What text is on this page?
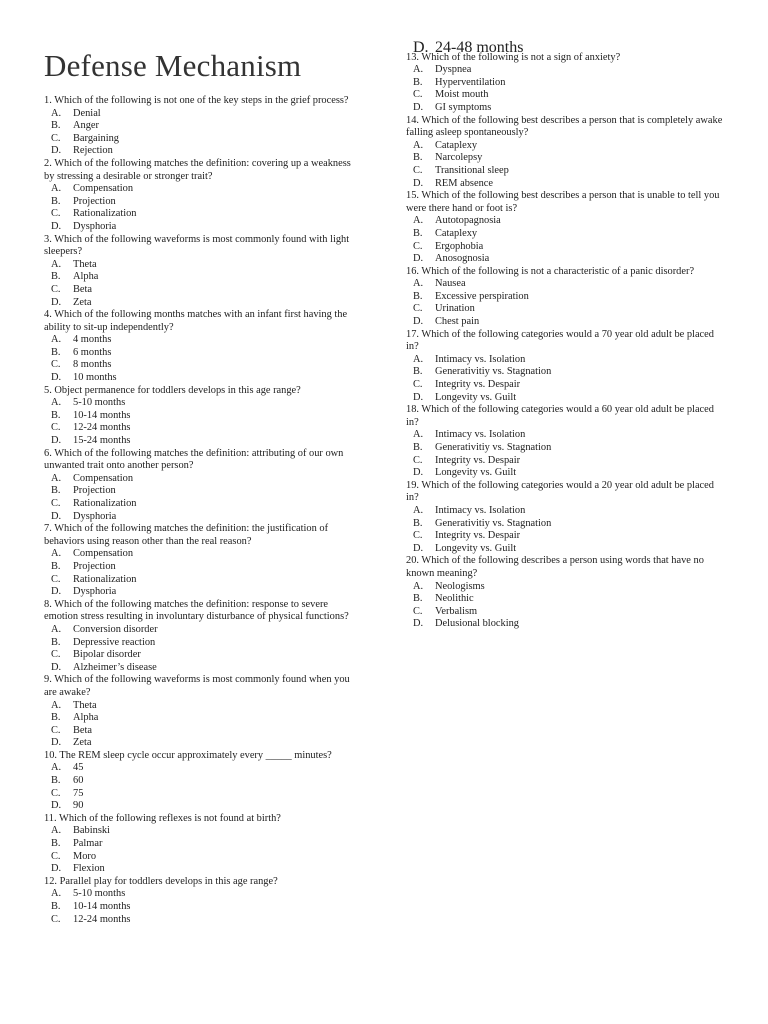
Defense Mechanism
1. Which of the following is not one of the key steps in the grief process?
A. Denial
B. Anger
C. Bargaining
D. Rejection
2. Which of the following matches the definition: covering up a weakness by stressing a desirable or stronger trait?
A. Compensation
B. Projection
C. Rationalization
D. Dysphoria
3. Which of the following waveforms is most commonly found with light sleepers?
A. Theta
B. Alpha
C. Beta
D. Zeta
4. Which of the following months matches with an infant first having the ability to sit-up independently?
A. 4 months
B. 6 months
C. 8 months
D. 10 months
5. Object permanence for toddlers develops in this age range?
A. 5-10 months
B. 10-14 months
C. 12-24 months
D. 15-24 months
6. Which of the following matches the definition: attributing of our own unwanted trait onto another person?
A. Compensation
B. Projection
C. Rationalization
D. Dysphoria
7. Which of the following matches the definition: the justification of behaviors using reason other than the real reason?
A. Compensation
B. Projection
C. Rationalization
D. Dysphoria
8. Which of the following matches the definition: response to severe emotion stress resulting in involuntary disturbance of physical functions?
A. Conversion disorder
B. Depressive reaction
C. Bipolar disorder
D. Alzheimer’s disease
9. Which of the following waveforms is most commonly found when you are awake?
A. Theta
B. Alpha
C. Beta
D. Zeta
10. The REM sleep cycle occur approximately every _____ minutes?
A. 45
B. 60
C. 75
D. 90
11. Which of the following reflexes is not found at birth?
A. Babinski
B. Palmar
C. Moro
D. Flexion
12. Parallel play for toddlers develops in this age range?
A. 5-10 months
B. 10-14 months
C. 12-24 months
D. 24-48 months
13. Which of the following is not a sign of anxiety?
A. Dyspnea
B. Hyperventilation
C. Moist mouth
D. GI symptoms
14. Which of the following best describes a person that is completely awake falling asleep spontaneously?
A. Cataplexy
B. Narcolepsy
C. Transitional sleep
D. REM absence
15. Which of the following best describes a person that is unable to tell you were there hand or foot is?
A. Autotopagnosia
B. Cataplexy
C. Ergophobia
D. Anosognosia
16. Which of the following is not a characteristic of a panic disorder?
A. Nausea
B. Excessive perspiration
C. Urination
D. Chest pain
17. Which of the following categories would a 70 year old adult be placed in?
A. Intimacy vs. Isolation
B. Generativitiy vs. Stagnation
C. Integrity vs. Despair
D. Longevity vs. Guilt
18. Which of the following categories would a 60 year old adult be placed in?
A. Intimacy vs. Isolation
B. Generativitiy vs. Stagnation
C. Integrity vs. Despair
D. Longevity vs. Guilt
19. Which of the following categories would a 20 year old adult be placed in?
A. Intimacy vs. Isolation
B. Generativitiy vs. Stagnation
C. Integrity vs. Despair
D. Longevity vs. Guilt
20. Which of the following describes a person using words that have no known meaning?
A. Neologisms
B. Neolithic
C. Verbalism
D. Delusional blocking
